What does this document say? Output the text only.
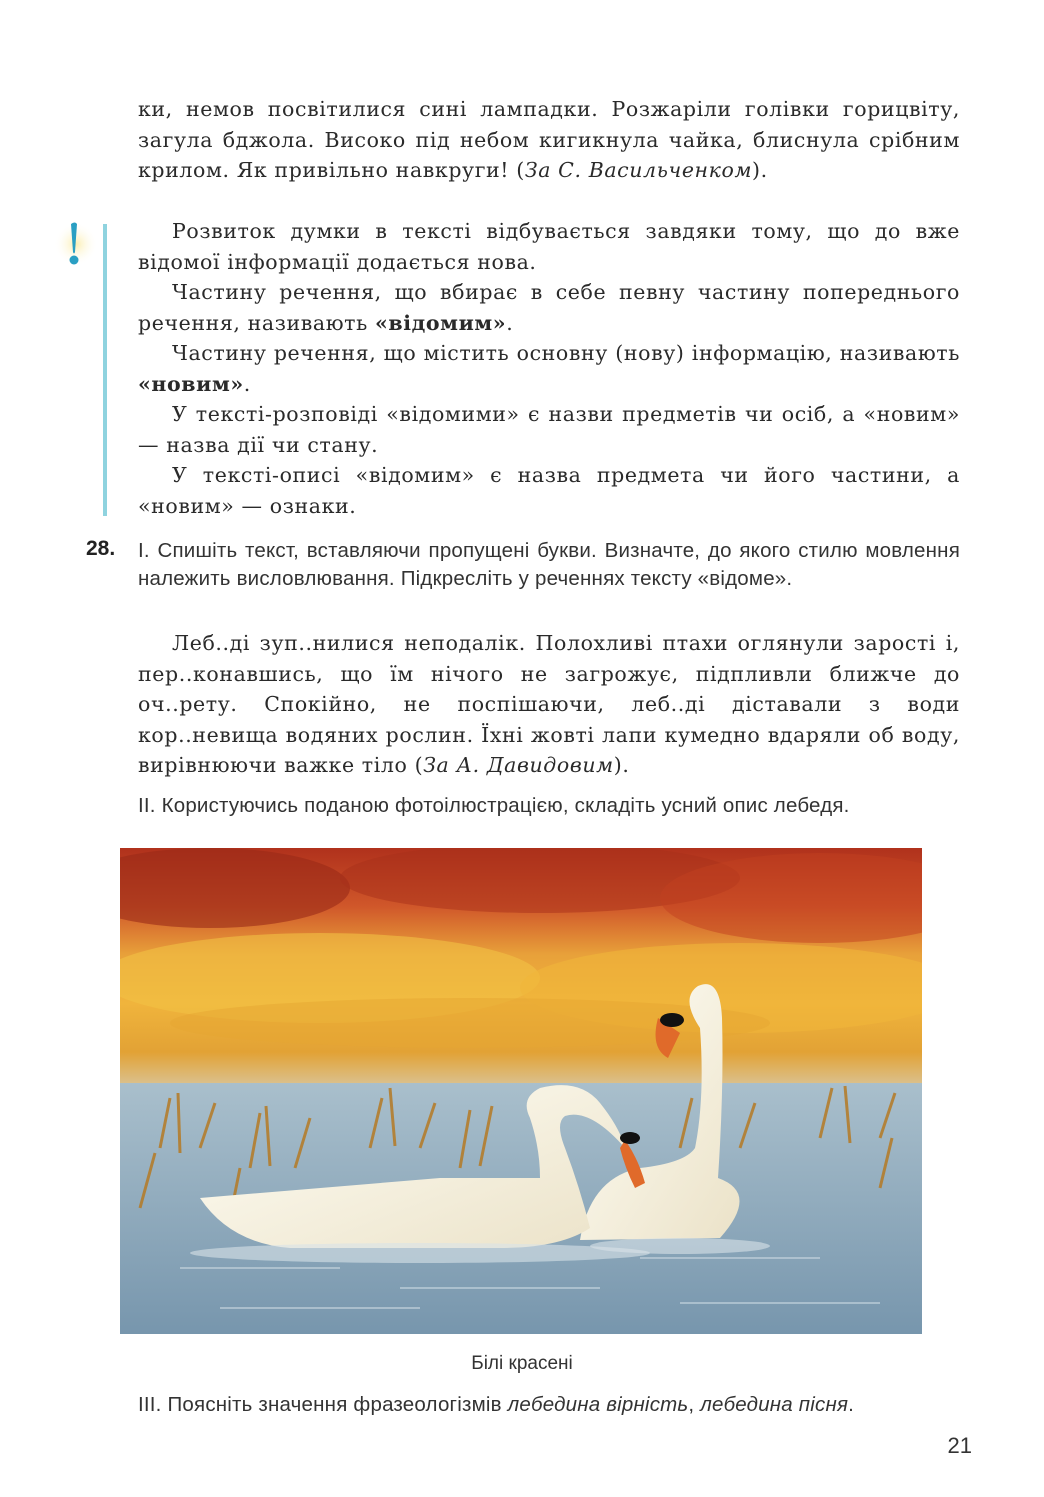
ки, немов посвітилися сині лампадки. Розжаріли голівки горицвіту, загула бджола. Високо під небом кигикнула чайка, блиснула срібним крилом. Як привільно навкруги! (За С. Васильченком).

Розвиток думки в тексті відбувається завдяки тому, що до вже відомої інформації додається нова.

Частину речення, що вбирає в себе певну частину попереднього речення, називають «відомим».

Частину речення, що містить основну (нову) інформацію, називають «новим».

У тексті-розповіді «відомими» є назви предметів чи осіб, а «новим» — назва дії чи стану.

У тексті-описі «відомим» є назва предмета чи його частини, а «новим» — ознаки.

28. І. Спишіть текст, вставляючи пропущені букви. Визначте, до якого стилю мовлення належить висловлювання. Підкресліть у реченнях тексту «відоме».

Леб..ді зуп..нилися неподалік. Полохливі птахи оглянули зарості і, пер..конавшись, що їм нічого не загрожує, підпливли ближче до оч..рету. Спокійно, не поспішаючи, леб..ді діставали з води кор..невища водяних рослин. Їхні жовті лапи кумедно вдаряли об воду, вирівнюючи важке тіло (За А. Давидовим).

ІІ. Користуючись поданою фотоілюстрацією, складіть усний опис лебедя.

Білі красені

ІІІ. Поясніть значення фразеологізмів лебедина вірність, лебедина пісня.

21
